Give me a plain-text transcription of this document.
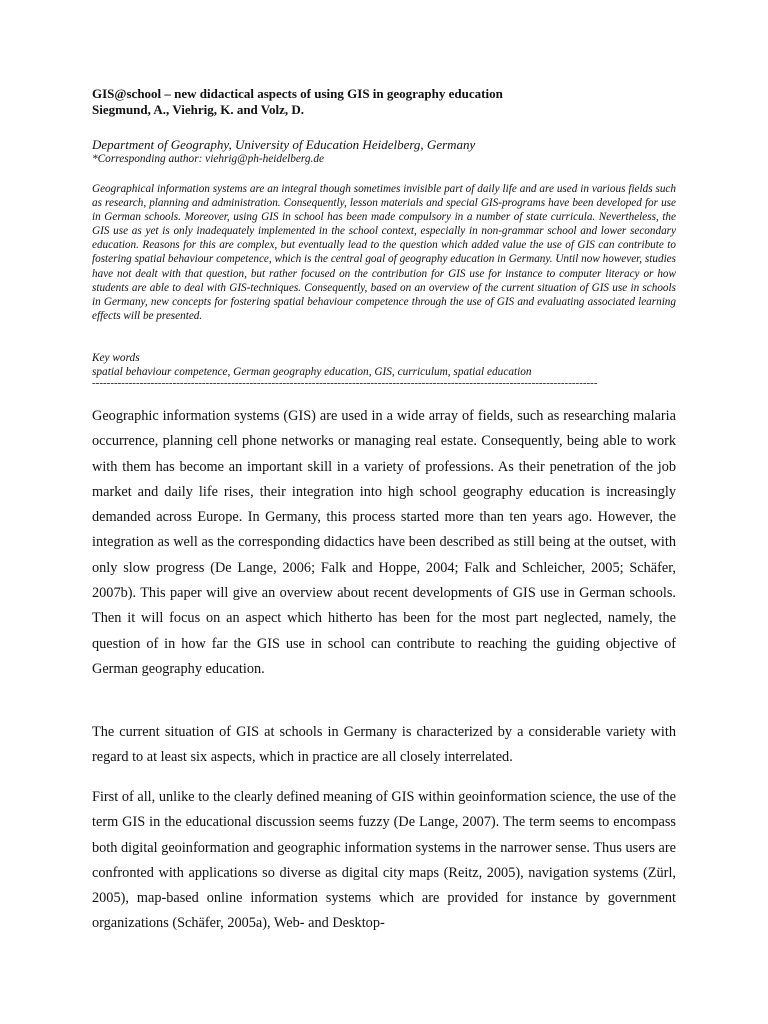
GIS@school – new didactical aspects of using GIS in geography education

Siegmund, A., Viehrig, K. and Volz, D.

Department of Geography, University of Education Heidelberg, Germany

*Corresponding author: viehrig@ph-heidelberg.de

Geographical information systems are an integral though sometimes invisible part of daily life and are used in various fields such as research, planning and administration. Consequently, lesson materials and special GIS-programs have been developed for use in German schools. Moreover, using GIS in school has been made compulsory in a number of state curricula. Nevertheless, the GIS use as yet is only inadequately implemented in the school context, especially in non-grammar school and lower secondary education. Reasons for this are complex, but eventually lead to the question which added value the use of GIS can contribute to fostering spatial behaviour competence, which is the central goal of geography education in Germany. Until now however, studies have not dealt with that question, but rather focused on the contribution for GIS use for instance to computer literacy or how students are able to deal with GIS-techniques. Consequently, based on an overview of the current situation of GIS use in schools in Germany, new concepts for fostering spatial behaviour competence through the use of GIS and evaluating associated learning effects will be presented.

Key words

spatial behaviour competence, German geography education, GIS, curriculum, spatial education

------------------------------------------------------------------------------------------------------------------------------------------

Geographic information systems (GIS) are used in a wide array of fields, such as researching malaria occurrence, planning cell phone networks or managing real estate. Consequently, being able to work with them has become an important skill in a variety of professions. As their penetration of the job market and daily life rises, their integration into high school geography education is increasingly demanded across Europe. In Germany, this process started more than ten years ago. However, the integration as well as the corresponding didactics have been described as still being at the outset, with only slow progress (De Lange, 2006; Falk and Hoppe, 2004; Falk and Schleicher, 2005; Schäfer, 2007b). This paper will give an overview about recent developments of GIS use in German schools. Then it will focus on an aspect which hitherto has been for the most part neglected, namely, the question of in how far the GIS use in school can contribute to reaching the guiding objective of German geography education.

The current situation of GIS at schools in Germany is characterized by a considerable variety with regard to at least six aspects, which in practice are all closely interrelated.

First of all, unlike to the clearly defined meaning of GIS within geoinformation science, the use of the term GIS in the educational discussion seems fuzzy (De Lange, 2007). The term seems to encompass both digital geoinformation and geographic information systems in the narrower sense. Thus users are confronted with applications so diverse as digital city maps (Reitz, 2005), navigation systems (Zürl, 2005), map-based online information systems which are provided for instance by government organizations (Schäfer, 2005a), Web- and Desktop-
